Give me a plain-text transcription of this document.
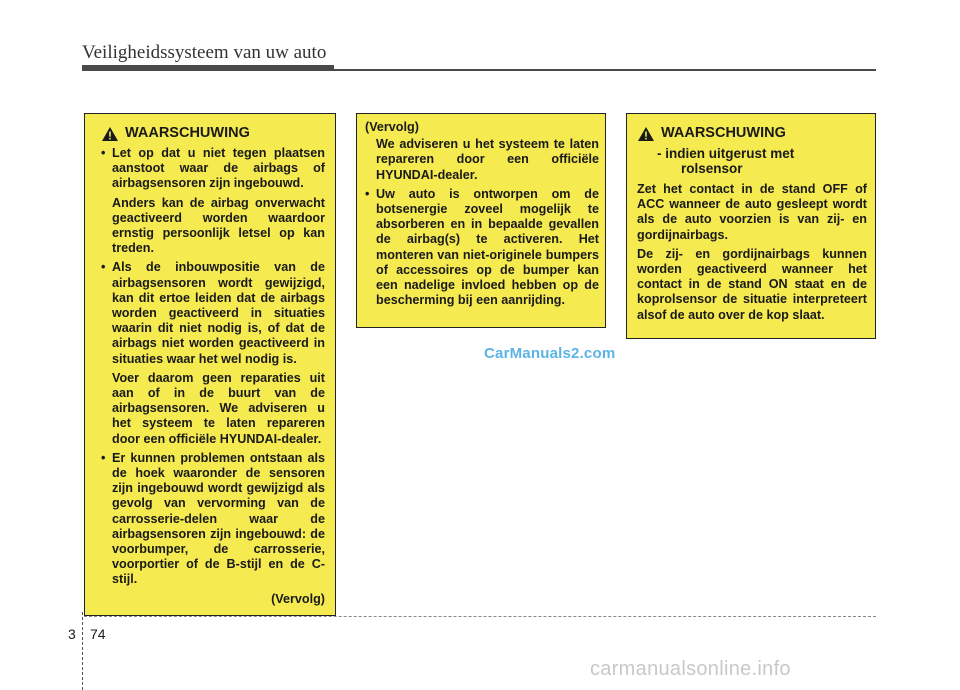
Veiligheidssysteem van uw auto
WAARSCHUWING

• Let op dat u niet tegen plaatsen aanstoot waar de airbags of airbagsensoren zijn ingebouwd.

Anders kan de airbag onverwacht geactiveerd worden waardoor ernstig persoonlijk letsel op kan treden.

• Als de inbouwpositie van de airbagsensoren wordt gewijzigd, kan dit ertoe leiden dat de airbags worden geactiveerd in situaties waarin dit niet nodig is, of dat de airbags niet worden geactiveerd in situaties waar het wel nodig is.

Voer daarom geen reparaties uit aan of in de buurt van de airbagsensoren. We adviseren u het systeem te laten repareren door een officiële HYUNDAI-dealer.

• Er kunnen problemen ontstaan als de hoek waaronder de sensoren zijn ingebouwd wordt gewijzigd als gevolg van vervorming van de carrosserie-delen waar de airbagsensoren zijn ingebouwd: de voorbumper, de carrosserie, voorportier of de B-stijl en de C-stijl.

(Vervolg)
(Vervolg)

We adviseren u het systeem te laten repareren door een officiële HYUNDAI-dealer.

• Uw auto is ontworpen om de botsenergie zoveel mogelijk te absorberen en in bepaalde gevallen de airbag(s) te activeren. Het monteren van niet-originele bumpers of accessoires op de bumper kan een nadelige invloed hebben op de bescherming bij een aanrijding.

WAARSCHUWING
- indien uitgerust met
rolsensor

Zet het contact in de stand OFF of ACC wanneer de auto gesleept wordt als de auto voorzien is van zij- en gordijnairbags.

De zij- en gordijnairbags kunnen worden geactiveerd wanneer het contact in de stand ON staat en de koprolsensor de situatie interpreteert alsof de auto over de kop slaat.

CarManuals2.com
3 74
carmanualsonline.info
